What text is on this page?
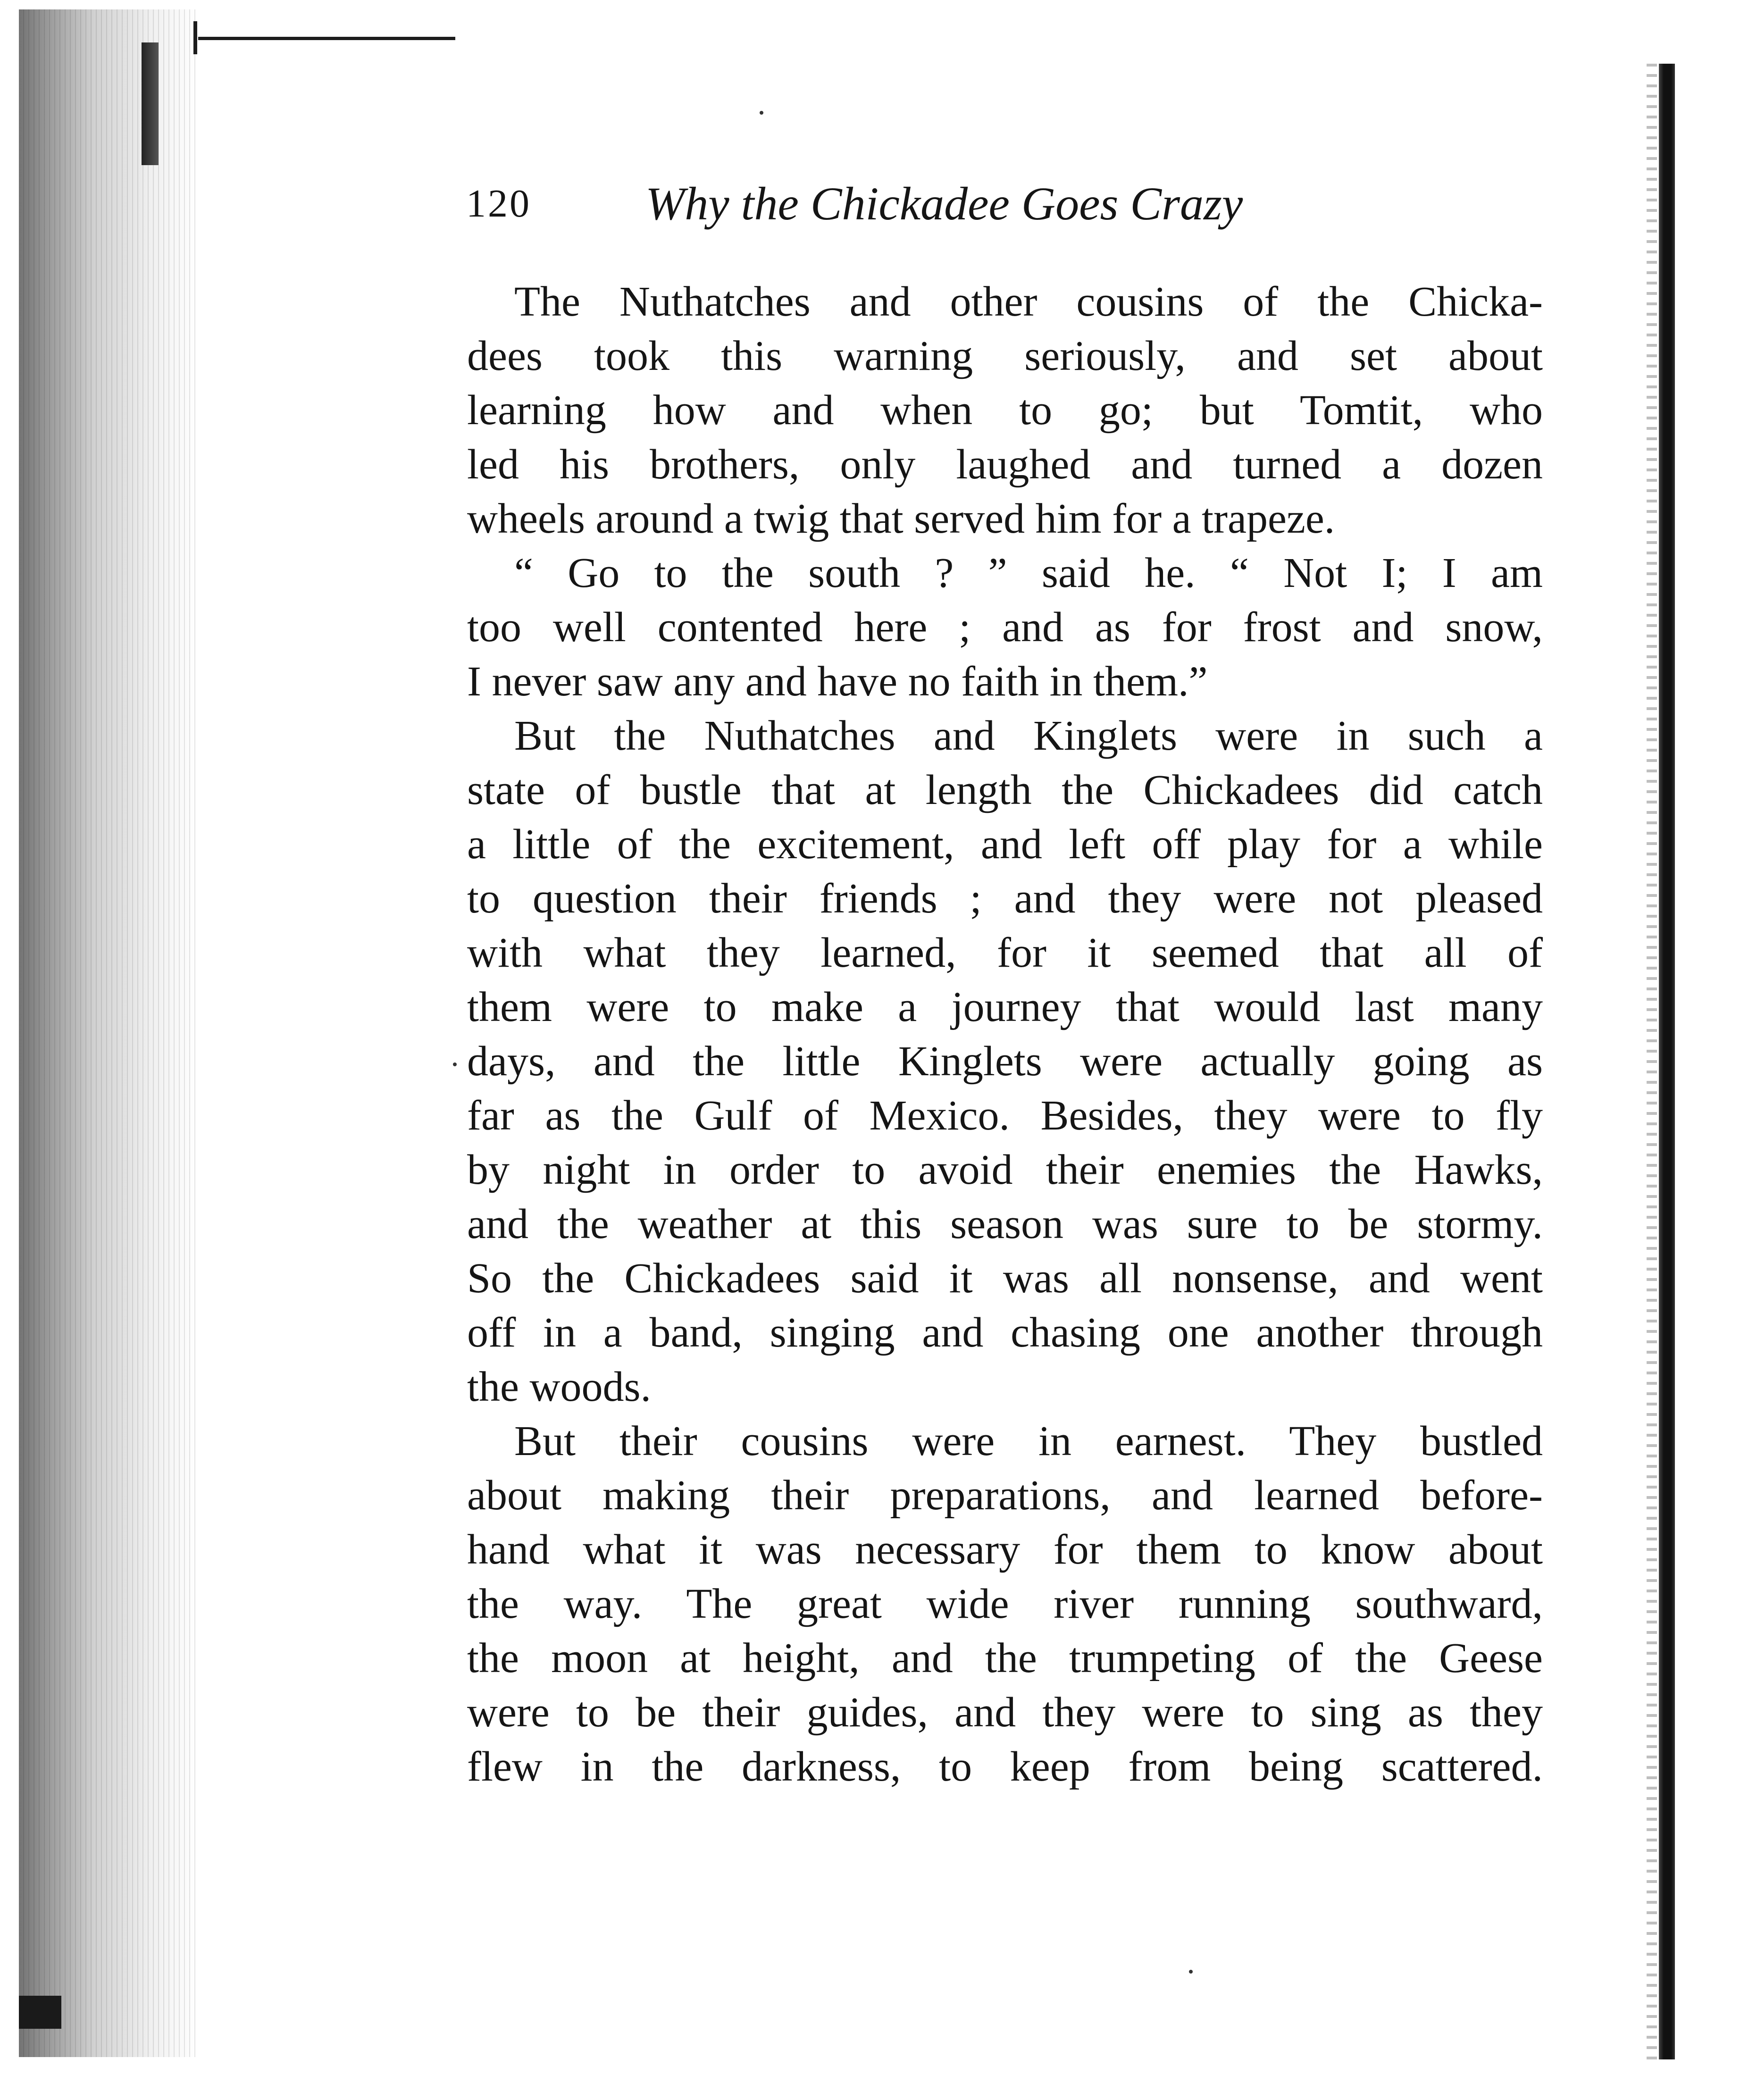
120 Why the Chickadee Goes Crazy
The Nuthatches and other cousins of the Chicka-
dees took this warning seriously, and set about
learning how and when to go; but Tomtit, who
led his brothers, only laughed and turned a dozen
wheels around a twig that served him for a trapeze.
“ Go to the south ? ” said he. “ Not I; I am
too well contented here ; and as for frost and snow,
I never saw any and have no faith in them.”
But the Nuthatches and Kinglets were in such a
state of bustle that at length the Chickadees did catch
a little of the excitement, and left off play for a while
to question their friends ; and they were not pleased
with what they learned, for it seemed that all of
them were to make a journey that would last many
days, and the little Kinglets were actually going as
far as the Gulf of Mexico. Besides, they were to fly
by night in order to avoid their enemies the Hawks,
and the weather at this season was sure to be stormy.
So the Chickadees said it was all nonsense, and went
off in a band, singing and chasing one another through
the woods.
But their cousins were in earnest. They bustled
about making their preparations, and learned before-
hand what it was necessary for them to know about
the way. The great wide river running southward,
the moon at height, and the trumpeting of the Geese
were to be their guides, and they were to sing as they
flew in the darkness, to keep from being scattered.
